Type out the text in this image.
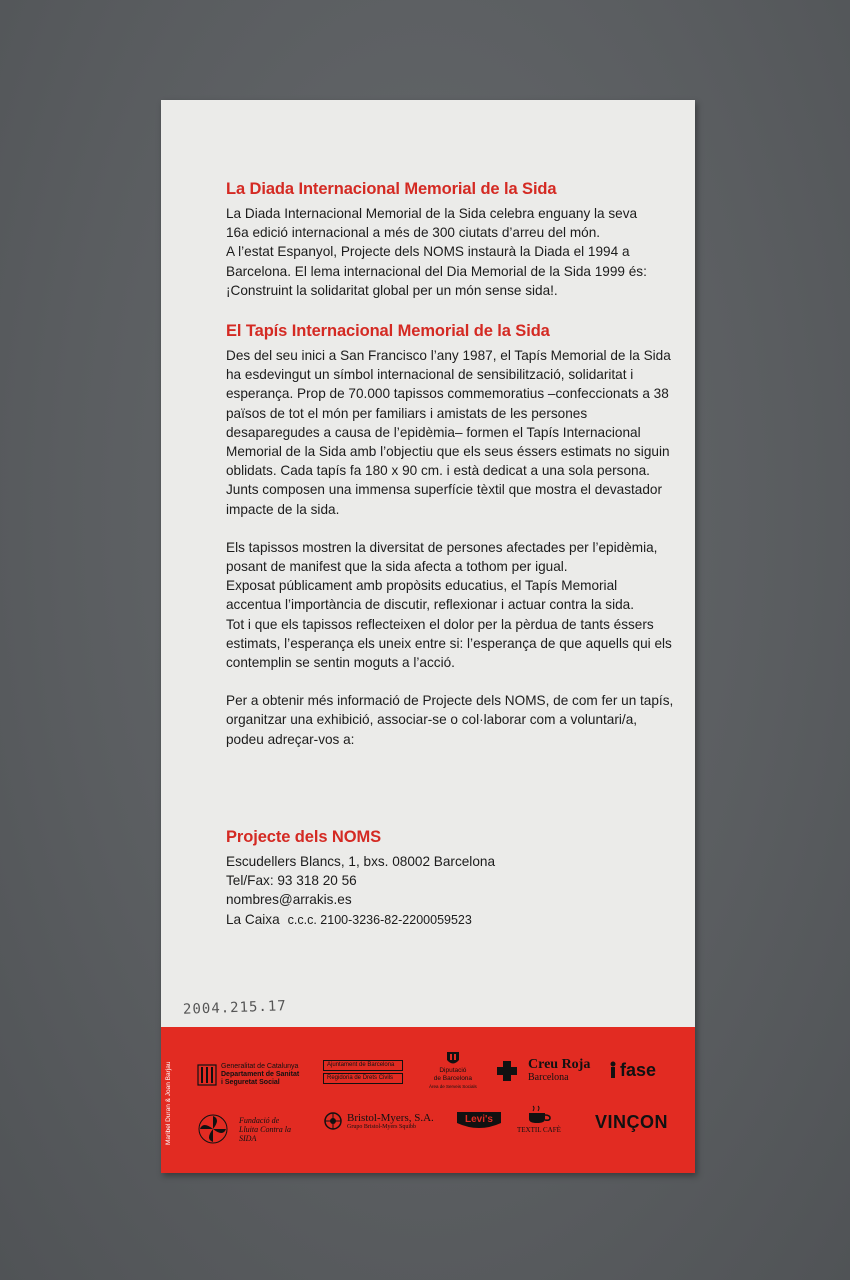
La Diada Internacional Memorial de la Sida

La Diada Internacional Memorial de la Sida celebra enguany la seva
16a edició internacional a més de 300 ciutats d’arreu del món.
A l’estat Espanyol, Projecte dels NOMS instaurà la Diada el 1994 a
Barcelona. El lema internacional del Dia Memorial de la Sida 1999 és:
¡Construint la solidaritat global per un món sense sida!.

El Tapís Internacional Memorial de la Sida

Des del seu inici a San Francisco l’any 1987, el Tapís Memorial de la Sida
ha esdevingut un símbol internacional de sensibilització, solidaritat i
esperança. Prop de 70.000 tapissos commemoratius –confeccionats a 38
països de tot el món per familiars i amistats de les persones
desaparegudes a causa de l’epidèmia– formen el Tapís Internacional
Memorial de la Sida amb l’objectiu que els seus éssers estimats no siguin
oblidats. Cada tapís fa 180 x 90 cm. i està dedicat a una sola persona.
Junts composen una immensa superfície tèxtil que mostra el devastador
impacte de la sida.

Els tapissos mostren la diversitat de persones afectades per l’epidèmia,
posant de manifest que la sida afecta a tothom per igual.
Exposat públicament amb propòsits educatius, el Tapís Memorial
accentua l’importància de discutir, reflexionar i actuar contra la sida.
Tot i que els tapissos reflecteixen el dolor per la pèrdua de tants éssers
estimats, l’esperança els uneix entre si: l’esperança de que aquells qui els
contemplin se sentin moguts a l’acció.

Per a obtenir més informació de Projecte dels NOMS, de com fer un tapís,
organitzar una exhibició, associar-se o col·laborar com a voluntari/a,
podeu adreçar-vos a:

Projecte dels NOMS
Escudellers Blancs, 1, bxs. 08002 Barcelona
Tel/Fax: 93 318 20 56
nombres@arrakis.es
La Caixa c.c.c. 2100-3236-82-2200059523
2004.215.17
Maribel Duran & Joan Barjau	Generalitat de Catalunya
Departament de Sanitat
i Seguretat Social
Ajuntament de Barcelona
Regidoria de Drets Civils
Diputació
de Barcelona
Àrea de Serveis Socials
Creu Roja
Barcelona	fase
Fundació de
Lluita Contra la
SIDA
Bristol-Myers, S.A.
Grupo Bristol-Myers Squibb
Levi's
TEXTIL CAFÈ VINÇON
